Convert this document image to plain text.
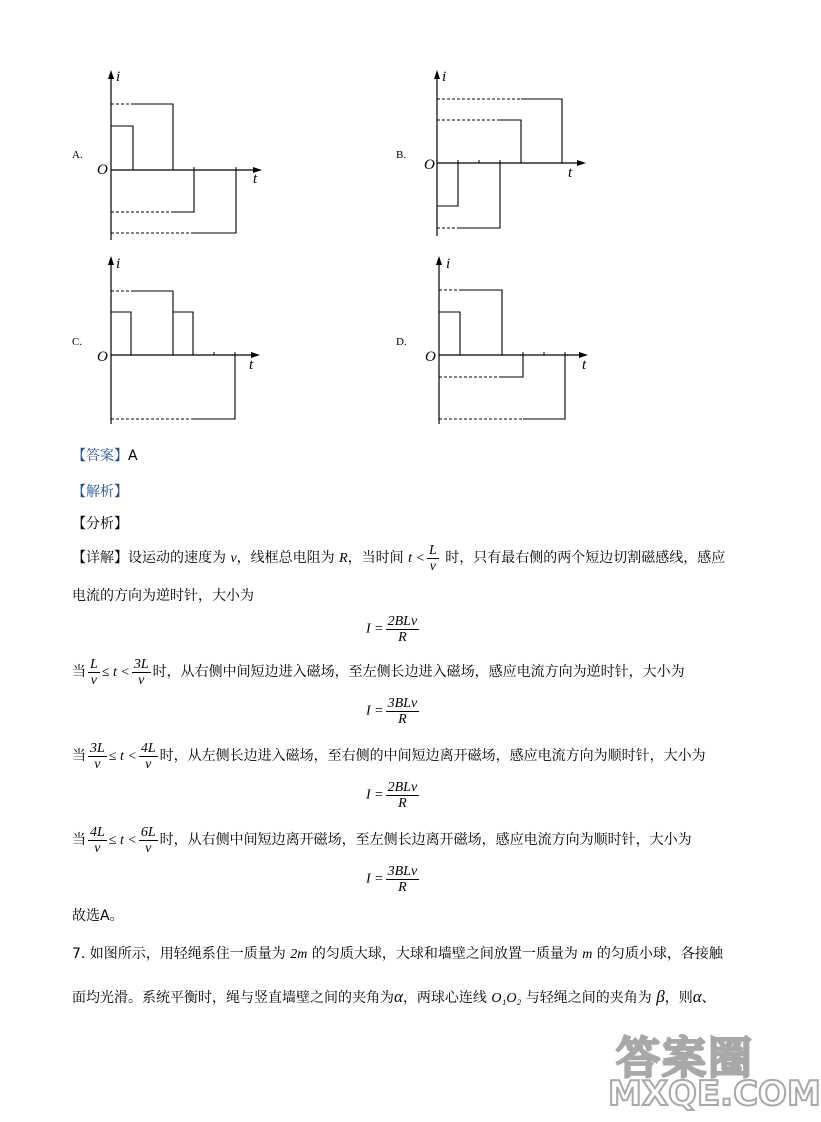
A.
i
t
O
B.
i
t
O
C.
i
t
O
D.
i
t
O
【答案】A
【解析】
【分析】
【详解】设运动的速度为 v，线框总电阻为 R，当时间 $t < \frac{L}{v}$ 时，只有最右侧的两个短边切割磁感线，感应
电流的方向为逆时针，大小为
当 $\frac{L}{v} \le t < \frac{3L}{v}$ 时，从右侧中间短边进入磁场，至左侧长边进入磁场，感应电流方向为逆时针，大小为
当 $\frac{3L}{v} \le t < \frac{4L}{v}$ 时，从左侧长边进入磁场，至右侧的中间短边离开磁场，感应电流方向为顺时针，大小为
当 $\frac{4L}{v} \le t < \frac{6L}{v}$ 时，从右侧中间短边离开磁场，至左侧长边离开磁场，感应电流方向为顺时针，大小为
故选A。
7. 如图所示，用轻绳系住一质量为 2m 的匀质大球，大球和墙壁之间放置一质量为 m 的匀质小球，各接触
面均光滑。系统平衡时，绳与竖直墙壁之间的夹角为α，两球心连线 O₁O₂ 与轻绳之间的夹角为 β，则α、
$I = \frac{\text{2BLv}}{R}$
$I = \frac{\text{3BLv}}{R}$
$I = \frac{\text{2BLv}}{R}$
$I = \frac{\text{3BLv}}{R}$
答案圈
MXQE.COM
